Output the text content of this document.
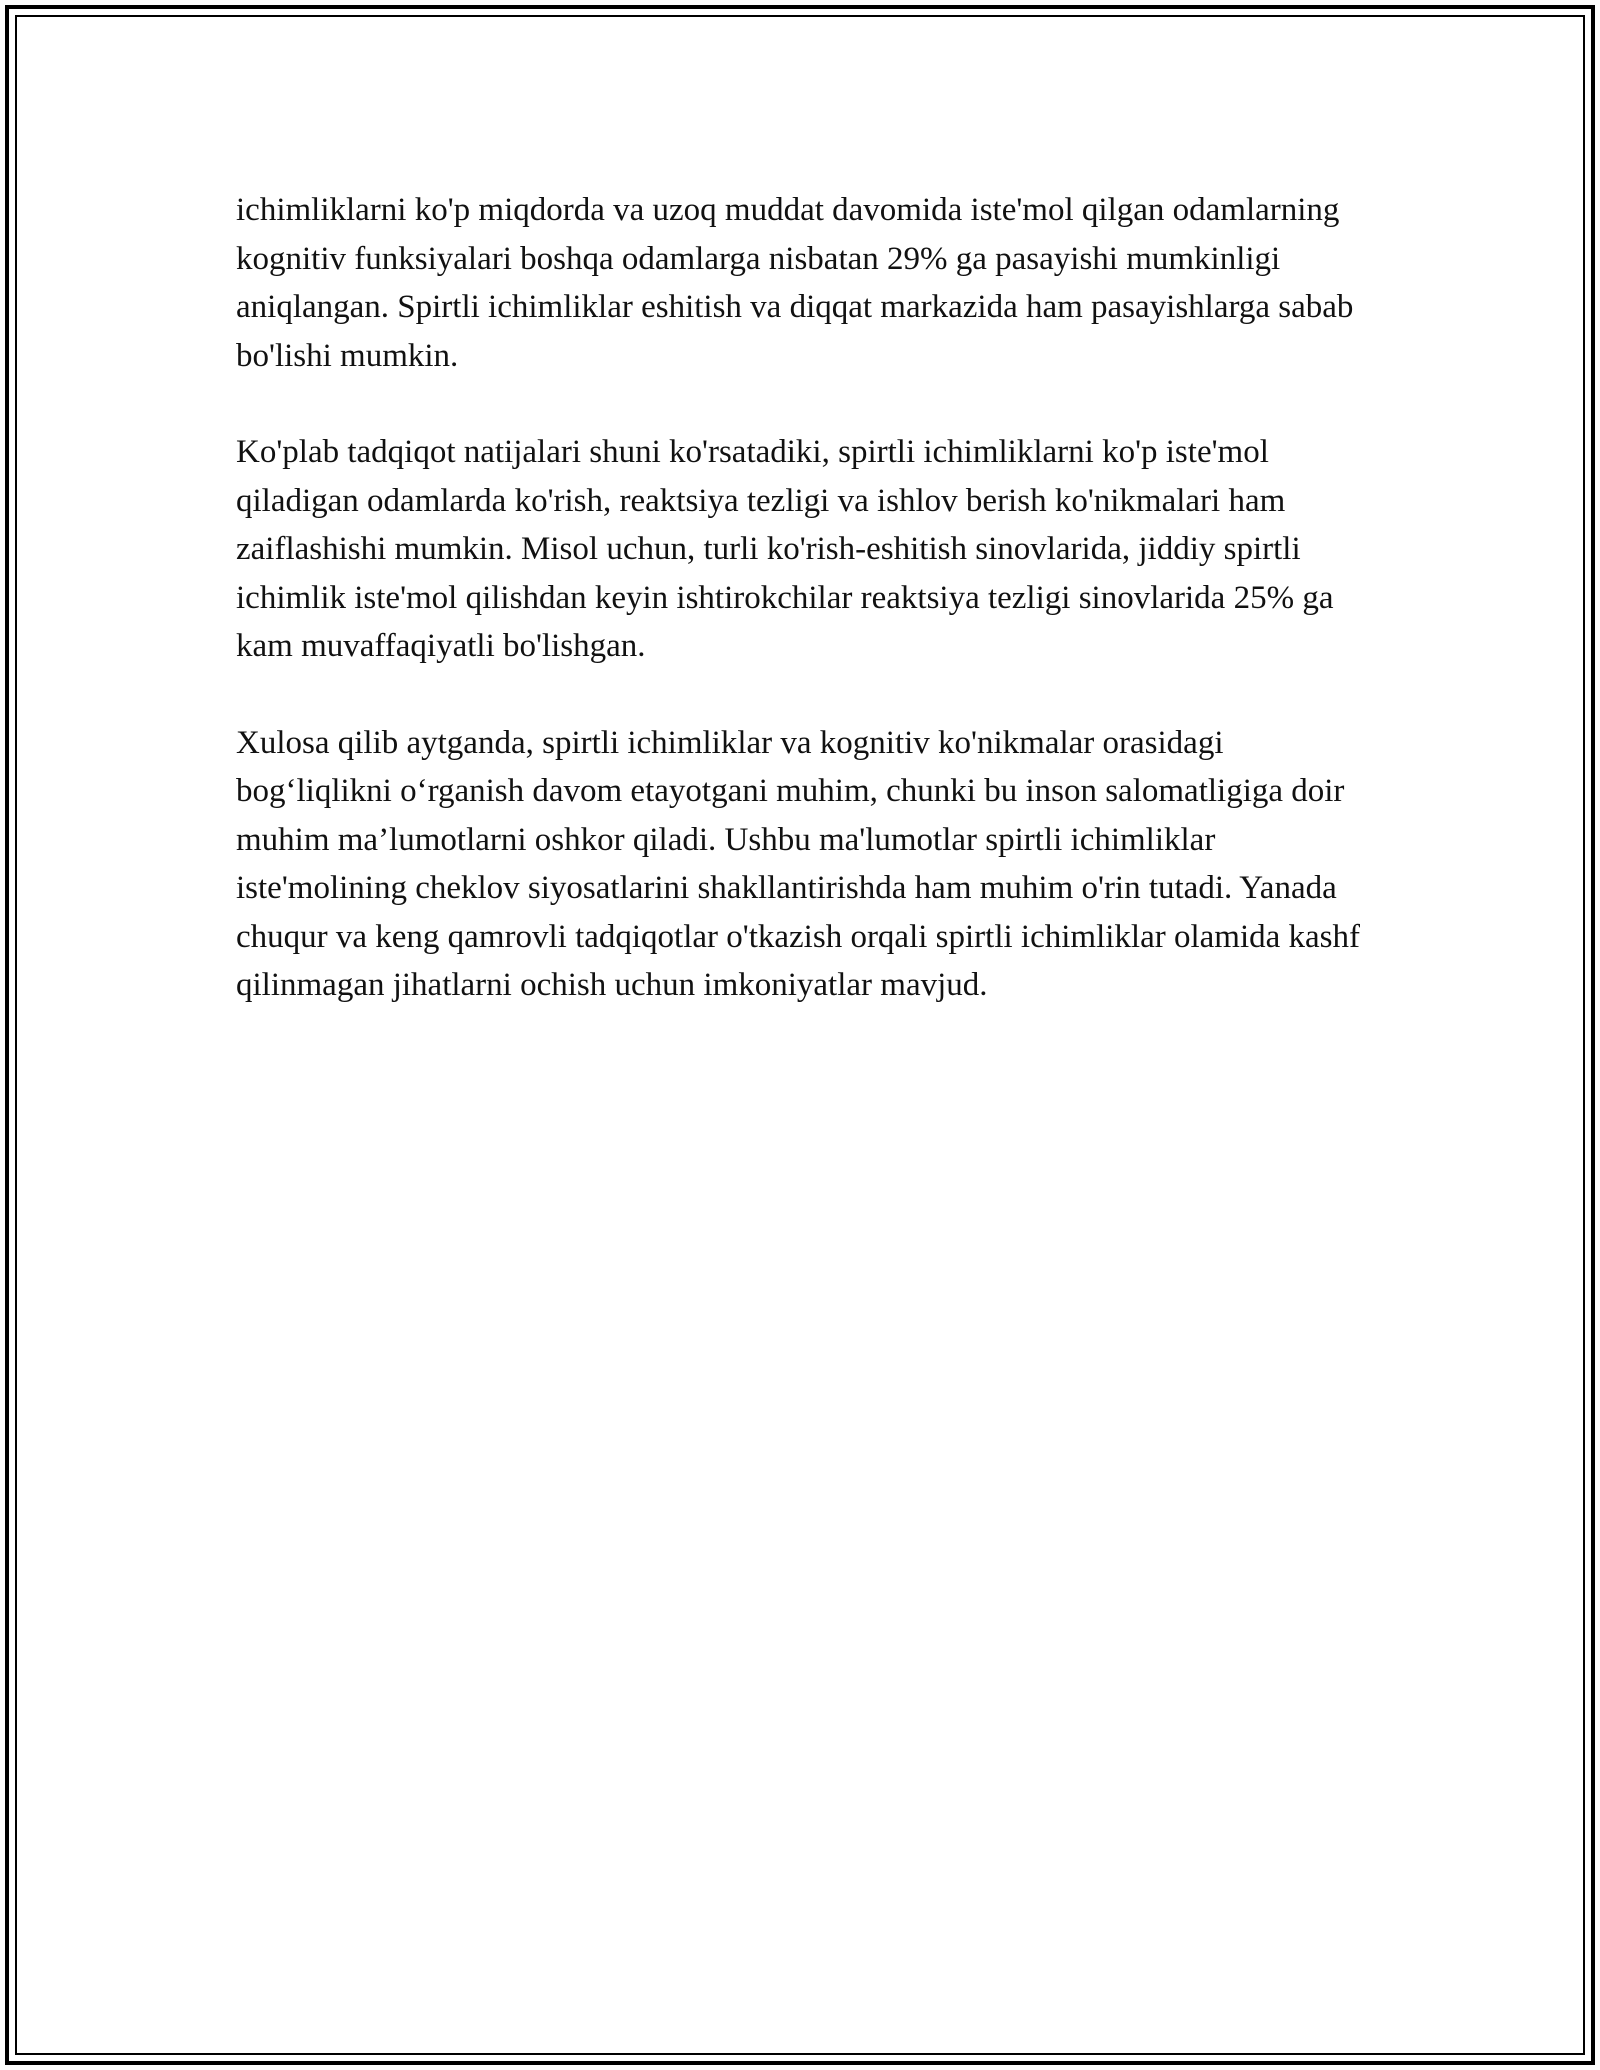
ichimliklarni ko'p miqdorda va uzoq muddat davomida iste'mol qilgan odamlarning kognitiv funksiyalari boshqa odamlarga nisbatan 29% ga pasayishi mumkinligi aniqlangan. Spirtli ichimliklar eshitish va diqqat markazida ham pasayishlarga sabab bo'lishi mumkin.

Ko'plab tadqiqot natijalari shuni ko'rsatadiki, spirtli ichimliklarni ko'p iste'mol qiladigan odamlarda ko'rish, reaktsiya tezligi va ishlov berish ko'nikmalari ham zaiflashishi mumkin. Misol uchun, turli ko'rish-eshitish sinovlarida, jiddiy spirtli ichimlik iste'mol qilishdan keyin ishtirokchilar reaktsiya tezligi sinovlarida 25% ga kam muvaffaqiyatli bo'lishgan.

Xulosa qilib aytganda, spirtli ichimliklar va kognitiv ko'nikmalar orasidagi bog‘liqlikni o‘rganish davom etayotgani muhim, chunki bu inson salomatligiga doir muhim ma’lumotlarni oshkor qiladi. Ushbu ma'lumotlar spirtli ichimliklar iste'molining cheklov siyosatlarini shakllantirishda ham muhim o'rin tutadi. Yanada chuqur va keng qamrovli tadqiqotlar o'tkazish orqali spirtli ichimliklar olamida kashf qilinmagan jihatlarni ochish uchun imkoniyatlar mavjud.
